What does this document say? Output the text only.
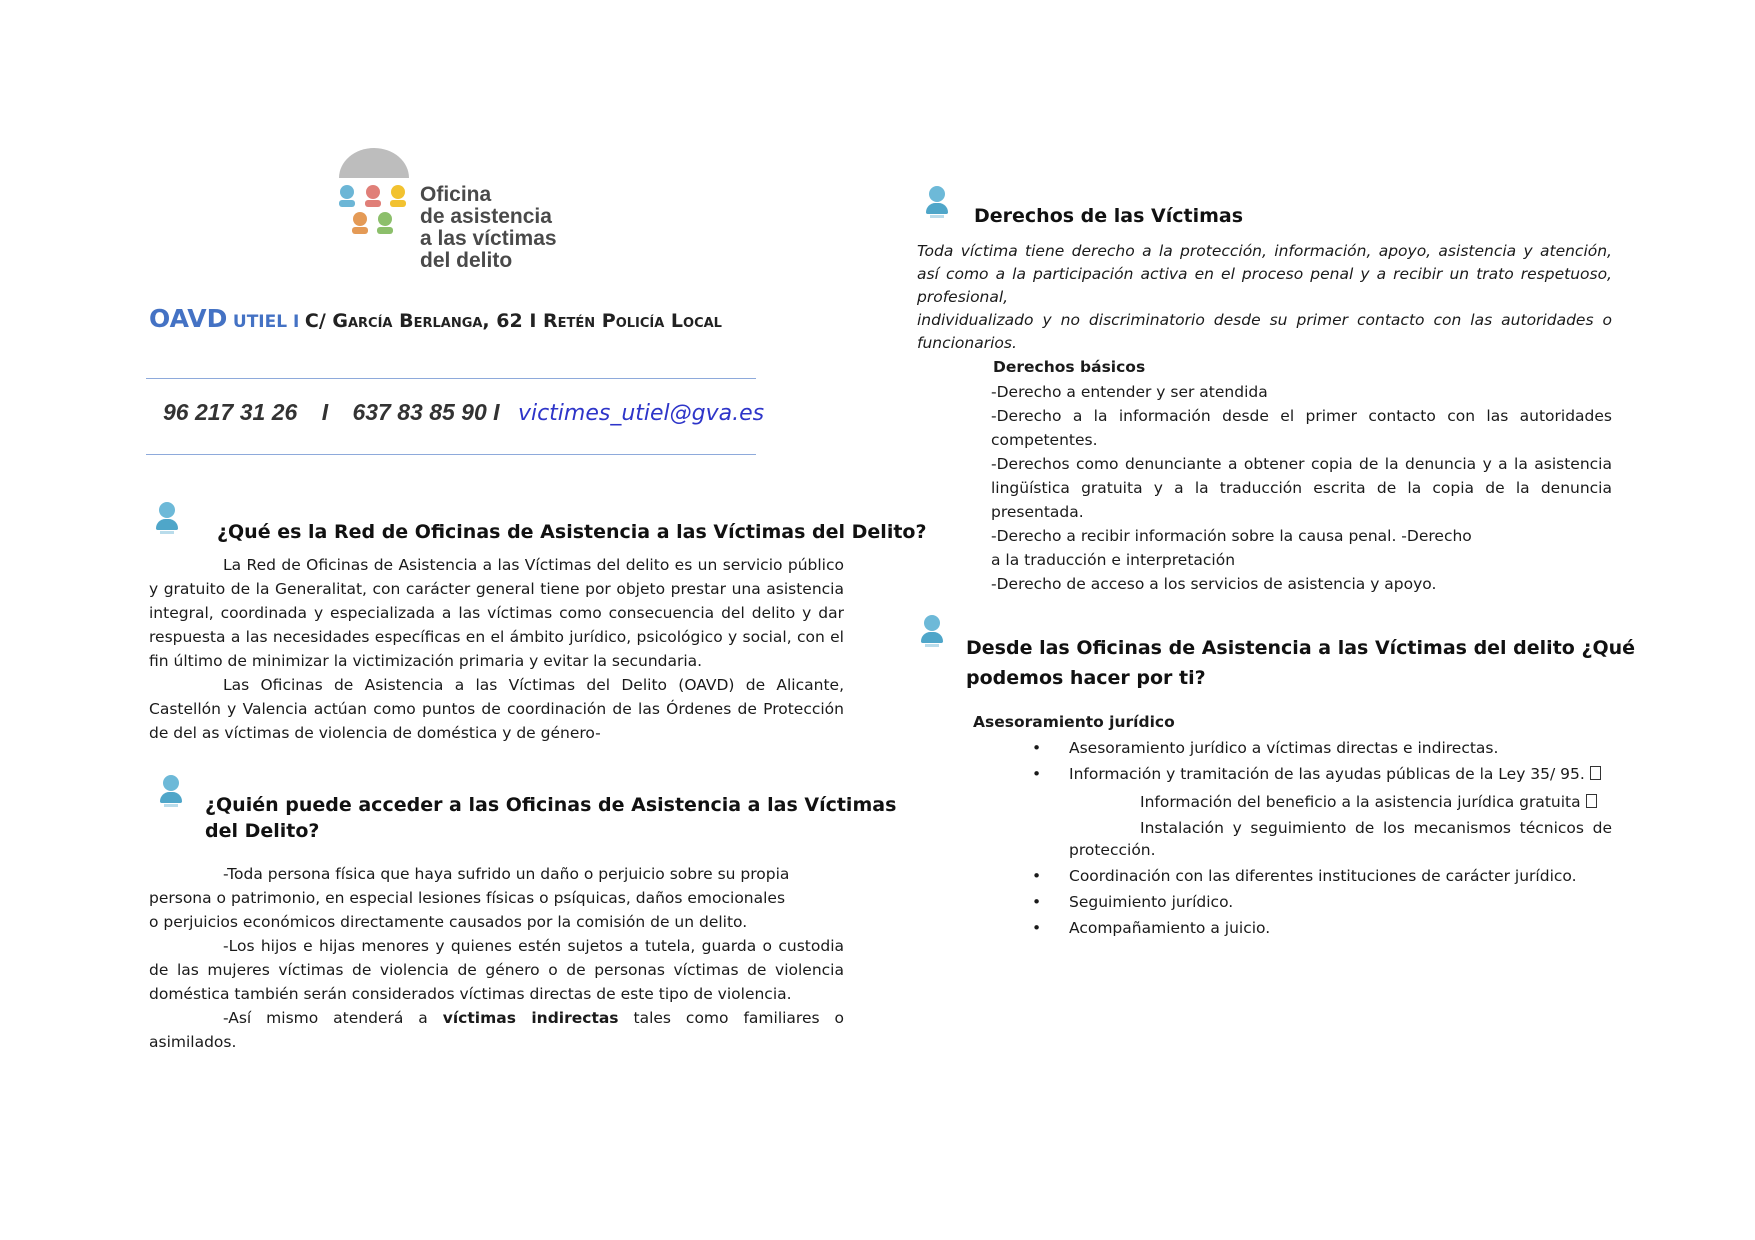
Oficina
de asistencia
a las víctimas
del delito
OAVD UTIEL I C/ García Berlanga, 62 I Retén Policía Local
96 217 31 26 I 637 83 85 90 I victimes_utiel@gva.es
¿Qué es la Red de Oficinas de Asistencia a las Víctimas del Delito?
La Red de Oficinas de Asistencia a las Víctimas del delito es un servicio público y gratuito de la Generalitat, con carácter general tiene por objeto prestar una asistencia integral, coordinada y especializada a las víctimas como consecuencia del delito y dar respuesta a las necesidades específicas en el ámbito jurídico, psicológico y social, con el fin último de minimizar la victimización primaria y evitar la secundaria.
Las Oficinas de Asistencia a las Víctimas del Delito (OAVD) de Alicante, Castellón y Valencia actúan como puntos de coordinación de las Órdenes de Protección de del as víctimas de violencia de doméstica y de género-
¿Quién puede acceder a las Oficinas de Asistencia a las Víctimas
del Delito?
-Toda persona física que haya sufrido un daño o perjuicio sobre su propia persona o patrimonio, en especial lesiones físicas o psíquicas, daños emocionales o perjuicios económicos directamente causados por la comisión de un delito.
-Los hijos e hijas menores y quienes estén sujetos a tutela, guarda o custodia de las mujeres víctimas de violencia de género o de personas víctimas de violencia doméstica también serán considerados víctimas directas de este tipo de violencia.
-Así mismo atenderá a víctimas indirectas tales como familiares o asimilados.
Derechos de las Víctimas
Toda víctima tiene derecho a la protección, información, apoyo, asistencia y atención, así como a la participación activa en el proceso penal y a recibir un trato respetuoso, profesional,
individualizado y no discriminatorio desde su primer contacto con las autoridades o funcionarios.
Derechos básicos
-Derecho a entender y ser atendida
-Derecho a la información desde el primer contacto con las autoridades competentes.
-Derechos como denunciante a obtener copia de la denuncia y a la asistencia lingüística gratuita y a la traducción escrita de la copia de la denuncia presentada.
-Derecho a recibir información sobre la causa penal. -Derecho
a la traducción e interpretación
-Derecho de acceso a los servicios de asistencia y apoyo.
Desde las Oficinas de Asistencia a las Víctimas del delito ¿Qué
podemos hacer por ti?
Asesoramiento jurídico
• Asesoramiento jurídico a víctimas directas e indirectas.
• Información y tramitación de las ayudas públicas de la Ley 35/ 95.
Información del beneficio a la asistencia jurídica gratuita
Instalación y seguimiento de los mecanismos técnicos de protección.
• Coordinación con las diferentes instituciones de carácter jurídico.
• Seguimiento jurídico.
• Acompañamiento a juicio.
